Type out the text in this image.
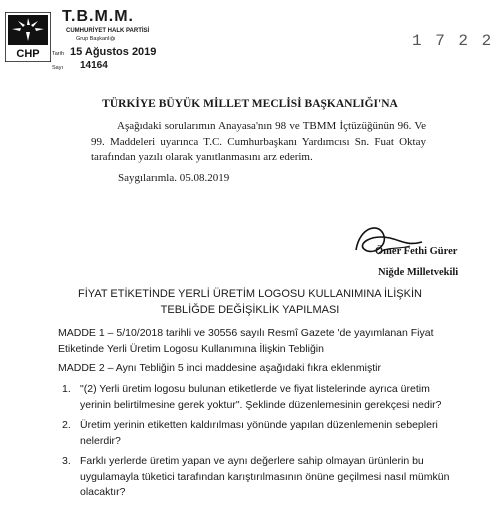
CHP
T.B.M.M.
CUMHURİYET HALK PARTİSİ
Grup Başkanlığı
Tarih 15 Ağustos 2019
Sayı 14164
1 7 2 2
TÜRKİYE BÜYÜK MİLLET MECLİSİ BAŞKANLIĞI'NA
Aşağıdaki sorularımın Anayasa'nın 98 ve TBMM İçtüzüğünün 96. Ve 99. Maddeleri uyarınca T.C. Cumhurbaşkanı Yardımcısı Sn. Fuat Oktay tarafından yazılı olarak yanıtlanmasını arz ederim.
Saygılarımla. 05.08.2019
Ömer Fethi Gürer
Niğde Milletvekili
FİYAT ETİKETİNDE YERLİ ÜRETİM LOGOSU KULLANIMINA İLİŞKİN TEBLİĞDE DEĞİŞİKLİK YAPILMASI
MADDE 1 – 5/10/2018 tarihli ve 30556 sayılı Resmî Gazete 'de yayımlanan Fiyat Etiketinde Yerli Üretim Logosu Kullanımına İlişkin Tebliğin
MADDE 2 – Aynı Tebliğin 5 inci maddesine aşağıdaki fıkra eklenmiştir
1. "(2) Yerli üretim logosu bulunan etiketlerde ve fiyat listelerinde ayrıca üretim yerinin belirtilmesine gerek yoktur". Şeklinde düzenlemesinin gerekçesi nedir?
2. Üretim yerinin etiketten kaldırılması yönünde yapılan düzenlemenin sebepleri nelerdir?
3. Farklı yerlerde üretim yapan ve aynı değerlere sahip olmayan ürünlerin bu uygulamayla tüketici tarafından karıştırılmasının önüne geçilmesi nasıl mümkün olacaktır?
